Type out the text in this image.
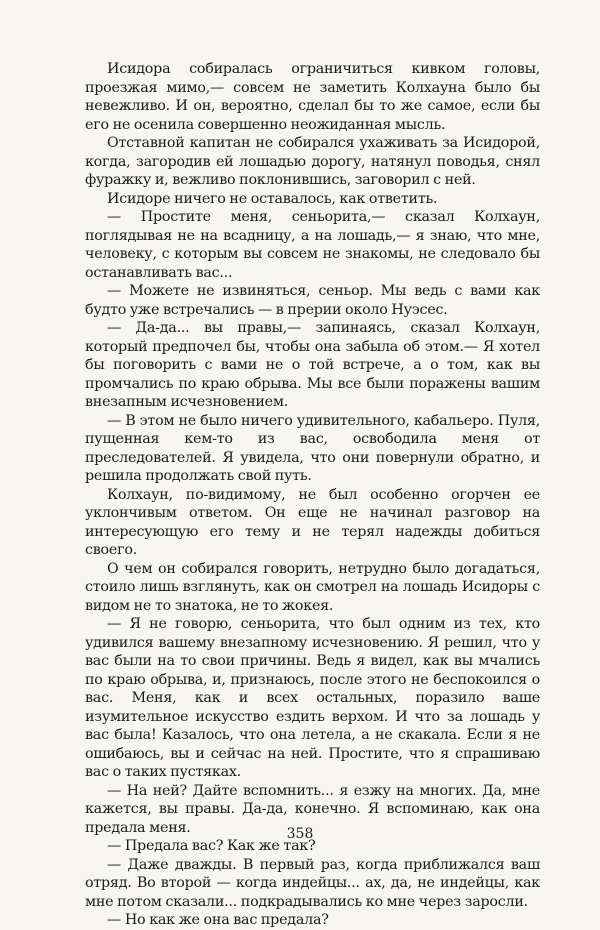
Исидора собиралась ограничиться кивком головы, проезжая мимо,— совсем не заметить Колхауна было бы невежливо. И он, вероятно, сделал бы то же самое, если бы его не осенила совершенно неожиданная мысль.

Отставной капитан не собирался ухаживать за Исидорой, когда, загородив ей лошадью дорогу, натянул поводья, снял фуражку и, вежливо поклонившись, заговорил с ней.

Исидоре ничего не оставалось, как ответить.

— Простите меня, сеньорита,— сказал Колхаун, поглядывая не на всадницу, а на лошадь,— я знаю, что мне, человеку, с которым вы совсем не знакомы, не следовало бы останавливать вас...

— Можете не извиняться, сеньор. Мы ведь с вами как будто уже встречались — в прерии около Нуэсес.

— Да-да... вы правы,— запинаясь, сказал Колхаун, который предпочел бы, чтобы она забыла об этом.— Я хотел бы поговорить с вами не о той встрече, а о том, как вы промчались по краю обрыва. Мы все были поражены вашим внезапным исчезновением.

— В этом не было ничего удивительного, кабальеро. Пуля, пущенная кем-то из вас, освободила меня от преследователей. Я увидела, что они повернули обратно, и решила продолжать свой путь.

Колхаун, по-видимому, не был особенно огорчен ее уклончивым ответом. Он еще не начинал разговор на интересующую его тему и не терял надежды добиться своего.

О чем он собирался говорить, нетрудно было догадаться, стоило лишь взглянуть, как он смотрел на лошадь Исидоры с видом не то знатока, не то жокея.

— Я не говорю, сеньорита, что был одним из тех, кто удивился вашему внезапному исчезновению. Я решил, что у вас были на то свои причины. Ведь я видел, как вы мчались по краю обрыва, и, признаюсь, после этого не беспокоился о вас. Меня, как и всех остальных, поразило ваше изумительное искусство ездить верхом. И что за лошадь у вас была! Казалось, что она летела, а не скакала. Если я не ошибаюсь, вы и сейчас на ней. Простите, что я спрашиваю вас о таких пустяках.

— На ней? Дайте вспомнить... я езжу на многих. Да, мне кажется, вы правы. Да-да, конечно. Я вспоминаю, как она предала меня.

— Предала вас? Как же так?

— Даже дважды. В первый раз, когда приближался ваш отряд. Во второй — когда индейцы... ах, да, не индейцы, как мне потом сказали... подкрадывались ко мне через заросли.

— Но как же она вас предала?

358
